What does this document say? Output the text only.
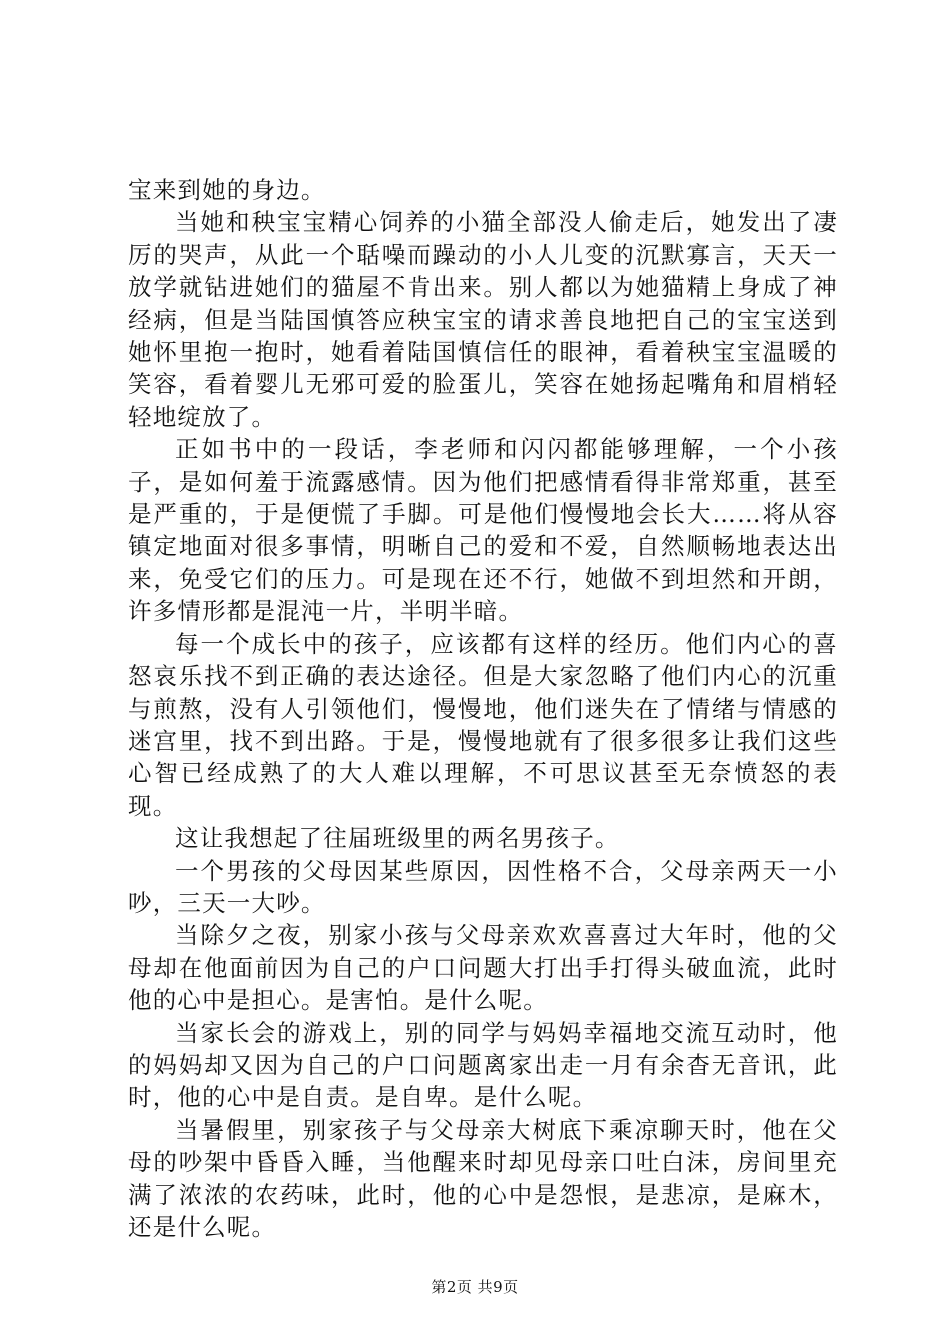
宝来到她的身边。

当她和秧宝宝精心饲养的小猫全部没人偷走后，她发出了凄厉的哭声，从此一个聒噪而躁动的小人儿变的沉默寡言，天天一放学就钻进她们的猫屋不肯出来。别人都以为她猫精上身成了神经病，但是当陆国慎答应秧宝宝的请求善良地把自己的宝宝送到她怀里抱一抱时，她看着陆国慎信任的眼神，看着秧宝宝温暖的笑容，看着婴儿无邪可爱的脸蛋儿，笑容在她扬起嘴角和眉梢轻轻地绽放了。

正如书中的一段话，李老师和闪闪都能够理解，一个小孩子，是如何羞于流露感情。因为他们把感情看得非常郑重，甚至是严重的，于是便慌了手脚。可是他们慢慢地会长大……将从容镇定地面对很多事情，明晰自己的爱和不爱，自然顺畅地表达出来，免受它们的压力。可是现在还不行，她做不到坦然和开朗，许多情形都是混沌一片，半明半暗。

每一个成长中的孩子，应该都有这样的经历。他们内心的喜怒哀乐找不到正确的表达途径。但是大家忽略了他们内心的沉重与煎熬，没有人引领他们，慢慢地，他们迷失在了情绪与情感的迷宫里，找不到出路。于是，慢慢地就有了很多很多让我们这些心智已经成熟了的大人难以理解，不可思议甚至无奈愤怒的表现。

这让我想起了往届班级里的两名男孩子。

一个男孩的父母因某些原因，因性格不合，父母亲两天一小吵，三天一大吵。

当除夕之夜，别家小孩与父母亲欢欢喜喜过大年时，他的父母却在他面前因为自己的户口问题大打出手打得头破血流，此时他的心中是担心。是害怕。是什么呢。

当家长会的游戏上，别的同学与妈妈幸福地交流互动时，他的妈妈却又因为自己的户口问题离家出走一月有余杳无音讯，此时，他的心中是自责。是自卑。是什么呢。

当暑假里，别家孩子与父母亲大树底下乘凉聊天时，他在父母的吵架中昏昏入睡，当他醒来时却见母亲口吐白沫，房间里充满了浓浓的农药味，此时，他的心中是怨恨，是悲凉，是麻木，还是什么呢。

第2页 共9页
